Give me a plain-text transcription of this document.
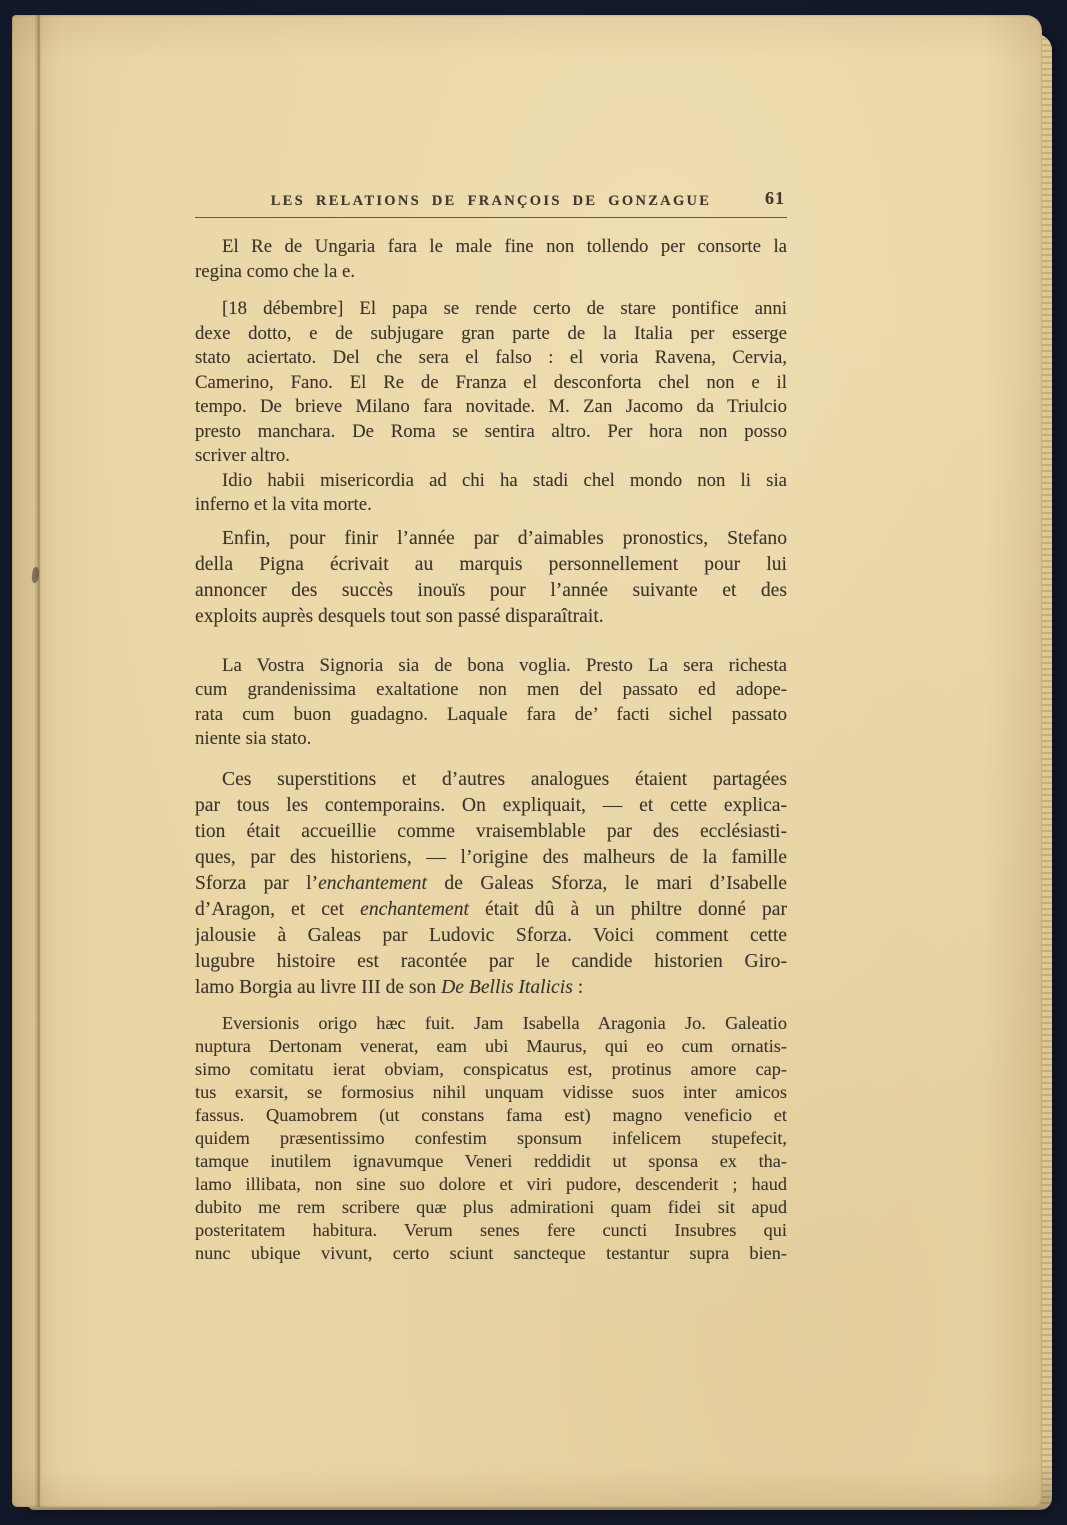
LES RELATIONS DE FRANÇOIS DE GONZAGUE	61

El Re de Ungaria fara le male fine non tollendo per consorte la
regina como che la e.

[18 débembre] El papa se rende certo de stare pontifice anni
dexe dotto, e de subjugare gran parte de la Italia per esserge
stato aciertato. Del che sera el falso : el voria Ravena, Cervia,
Camerino, Fano. El Re de Franza el desconforta chel non e il
tempo. De brieve Milano fara novitade. M. Zan Jacomo da Triulcio
presto manchara. De Roma se sentira altro. Per hora non posso
scriver altro.

Idio habii misericordia ad chi ha stadi chel mondo non li sia
inferno et la vita morte.

Enfin, pour finir l’année par d’aimables pronostics, Stefano
della Pigna écrivait au marquis personnellement pour lui
annoncer des succès inouïs pour l’année suivante et des
exploits auprès desquels tout son passé disparaîtrait.

La Vostra Signoria sia de bona voglia. Presto La sera richesta
cum grandenissima exaltatione non men del passato ed adope-
rata cum buon guadagno. Laquale fara de’ facti sichel passato
niente sia stato.

Ces superstitions et d’autres analogues étaient partagées
par tous les contemporains. On expliquait, — et cette explica-
tion était accueillie comme vraisemblable par des ecclésiasti-
ques, par des historiens, — l’origine des malheurs de la famille
Sforza par l’enchantement de Galeas Sforza, le mari d’Isabelle
d’Aragon, et cet enchantement était dû à un philtre donné par
jalousie à Galeas par Ludovic Sforza. Voici comment cette
lugubre histoire est racontée par le candide historien Giro-
lamo Borgia au livre III de son De Bellis Italicis :

Eversionis origo hæc fuit. Jam Isabella Aragonia Jo. Galeatio
nuptura Dertonam venerat, eam ubi Maurus, qui eo cum ornatis-
simo comitatu ierat obviam, conspicatus est, protinus amore cap-
tus exarsit, se formosius nihil unquam vidisse suos inter amicos
fassus. Quamobrem (ut constans fama est) magno veneficio et
quidem præsentissimo confestim sponsum infelicem stupefecit,
tamque inutilem ignavumque Veneri reddidit ut sponsa ex tha-
lamo illibata, non sine suo dolore et viri pudore, descenderit ; haud
dubito me rem scribere quæ plus admirationi quam fidei sit apud
posteritatem habitura. Verum senes fere cuncti Insubres qui
nunc ubique vivunt, certo sciunt sancteque testantur supra bien-
